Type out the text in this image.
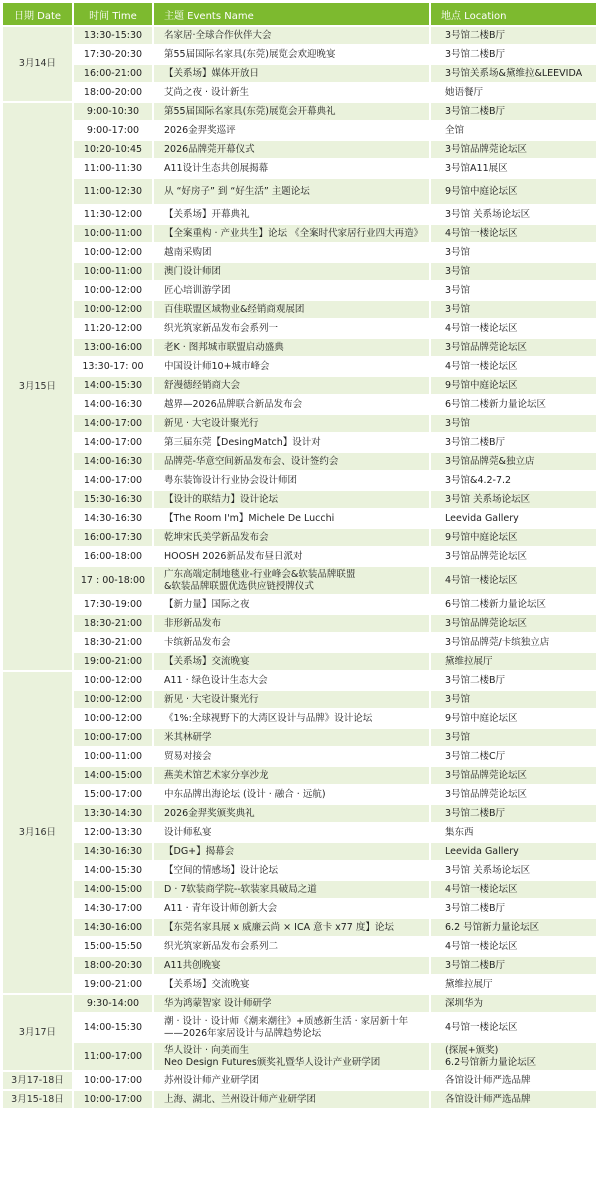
日期 Date	时间 Time	主题 Events Name	地点 Location
3月14日	13:30-15:30	名家居·全球合作伙伴大会	3号馆二楼B厅

	17:30-20:30	第55届国际名家具(东莞)展览会欢迎晚宴	3号馆二楼B厅

	16:00-21:00	【关系场】媒体开放日	3号馆关系场&黛维拉&LEEVIDA

	18:00-20:00	艾尚之夜 · 设计新生	她语餐厅

3月15日	9:00-10:30	第55届国际名家具(东莞)展览会开幕典礼	3号馆二楼B厅

	9:00-17:00	2026金羿奖巡评	全馆

	10:20-10:45	2026品牌莞开幕仪式	3号馆品牌莞论坛区

	11:00-11:30	A11设计生态共创展揭幕	3号馆A11展区

	11:00-12:30	从 “好房子” 到 “好生活” 主题论坛	9号馆中庭论坛区

	11:30-12:00	【关系场】开幕典礼	3号馆 关系场论坛区

	10:00-11:00	【全案重构 · 产业共生】论坛 《全案时代家居行业四大再造》	4号馆一楼论坛区

	10:00-12:00	越南采购团	3号馆

	10:00-11:00	澳门设计师团	3号馆

	10:00-12:00	匠心培训游学团	3号馆

	10:00-12:00	百佳联盟区域物业&经销商观展团	3号馆

	11:20-12:00	织光筑家新品发布会系列一	4号馆一楼论坛区

	13:00-16:00	老K · 图邦城市联盟启动盛典	3号馆品牌莞论坛区

	13:30-17: 00	中国设计师10+城市峰会	4号馆一楼论坛区

	14:00-15:30	舒漫德经销商大会	9号馆中庭论坛区

	14:00-16:30	越界—2026品牌联合新品发布会	6号馆二楼新力量论坛区

	14:00-17:00	新见 · 大宅设计聚光行	3号馆

	14:00-17:00	第三届东莞【DesingMatch】设计对	3号馆二楼B厅

	14:00-16:30	品牌莞-华意空间新品发布会、设计签约会	3号馆品牌莞&独立店

	14:00-17:00	粤东装饰设计行业协会设计师团	3号馆&4.2-7.2

	15:30-16:30	【设计的联结力】设计论坛	3号馆 关系场论坛区

	14:30-16:30	【The Room I'm】Michele De Lucchi	Leevida Gallery

	16:00-17:30	乾坤宋氏美学新品发布会	9号馆中庭论坛区

	16:00-18:00	HOOSH 2026新品发布昼日派对	3号馆品牌莞论坛区

	17 : 00-18:00	广东高端定制地毯业-行业峰会&软装品牌联盟
&软装品牌联盟优选供应链授牌仪式	4号馆一楼论坛区

	17:30-19:00	【新力量】国际之夜	6号馆二楼新力量论坛区

	18:30-21:00	非形新品发布	3号馆品牌莞论坛区

	18:30-21:00	卡缤新品发布会	3号馆品牌莞/卡缤独立店

	19:00-21:00	【关系场】交流晚宴	黛维拉展厅

3月16日	10:00-12:00	A11 · 绿色设计生态大会	3号馆二楼B厅

	10:00-12:00	新见 · 大宅设计聚光行	3号馆

	10:00-12:00	《1%:全球视野下的大湾区设计与品牌》设计论坛	9号馆中庭论坛区

	10:00-17:00	米其林研学	3号馆

	10:00-11:00	贸易对接会	3号馆二楼C厅

	14:00-15:00	燕美术馆艺术家分享沙龙	3号馆品牌莞论坛区

	15:00-17:00	中东品牌出海论坛 (设计 · 融合 · 远航)	3号馆品牌莞论坛区

	13:30-14:30	2026金羿奖颁奖典礼	3号馆二楼B厅

	12:00-13:30	设计师私宴	集东西

	14:30-16:30	【DG+】揭幕会	Leevida Gallery

	14:00-15:30	【空间的情感场】设计论坛	3号馆 关系场论坛区

	14:00-15:00	D · 7软装商学院--软装家具破局之道	4号馆一楼论坛区

	14:30-17:00	A11 · 青年设计师创新大会	3号馆二楼B厅

	14:30-16:00	【东莞名家具展 x 威廉云尚 × ICA 意卡 x77 度】论坛	6.2 号馆新力量论坛区

	15:00-15:50	织光筑家新品发布会系列二	4号馆一楼论坛区

	18:00-20:30	A11共创晚宴	3号馆二楼B厅

	19:00-21:00	【关系场】交流晚宴	黛维拉展厅

3月17日	9:30-14:00	华为鸿蒙智家 设计师研学	深圳华为

	14:00-15:30	潮 · 设计 · 设计师《潮来潮往》+质感新生活 · 家居新十年
——2026年家居设计与品牌趋势论坛	4号馆一楼论坛区

	11:00-17:00	华人设计 · 向美而生
Neo Design Futures颁奖礼暨华人设计产业研学团	(探展+颁奖)
6.2号馆新力量论坛区

3月17-18日	10:00-17:00	苏州设计师产业研学团	各馆设计师严选品牌

3月15-18日	10:00-17:00	上海、湖北、兰州设计师产业研学团	各馆设计师严选品牌
